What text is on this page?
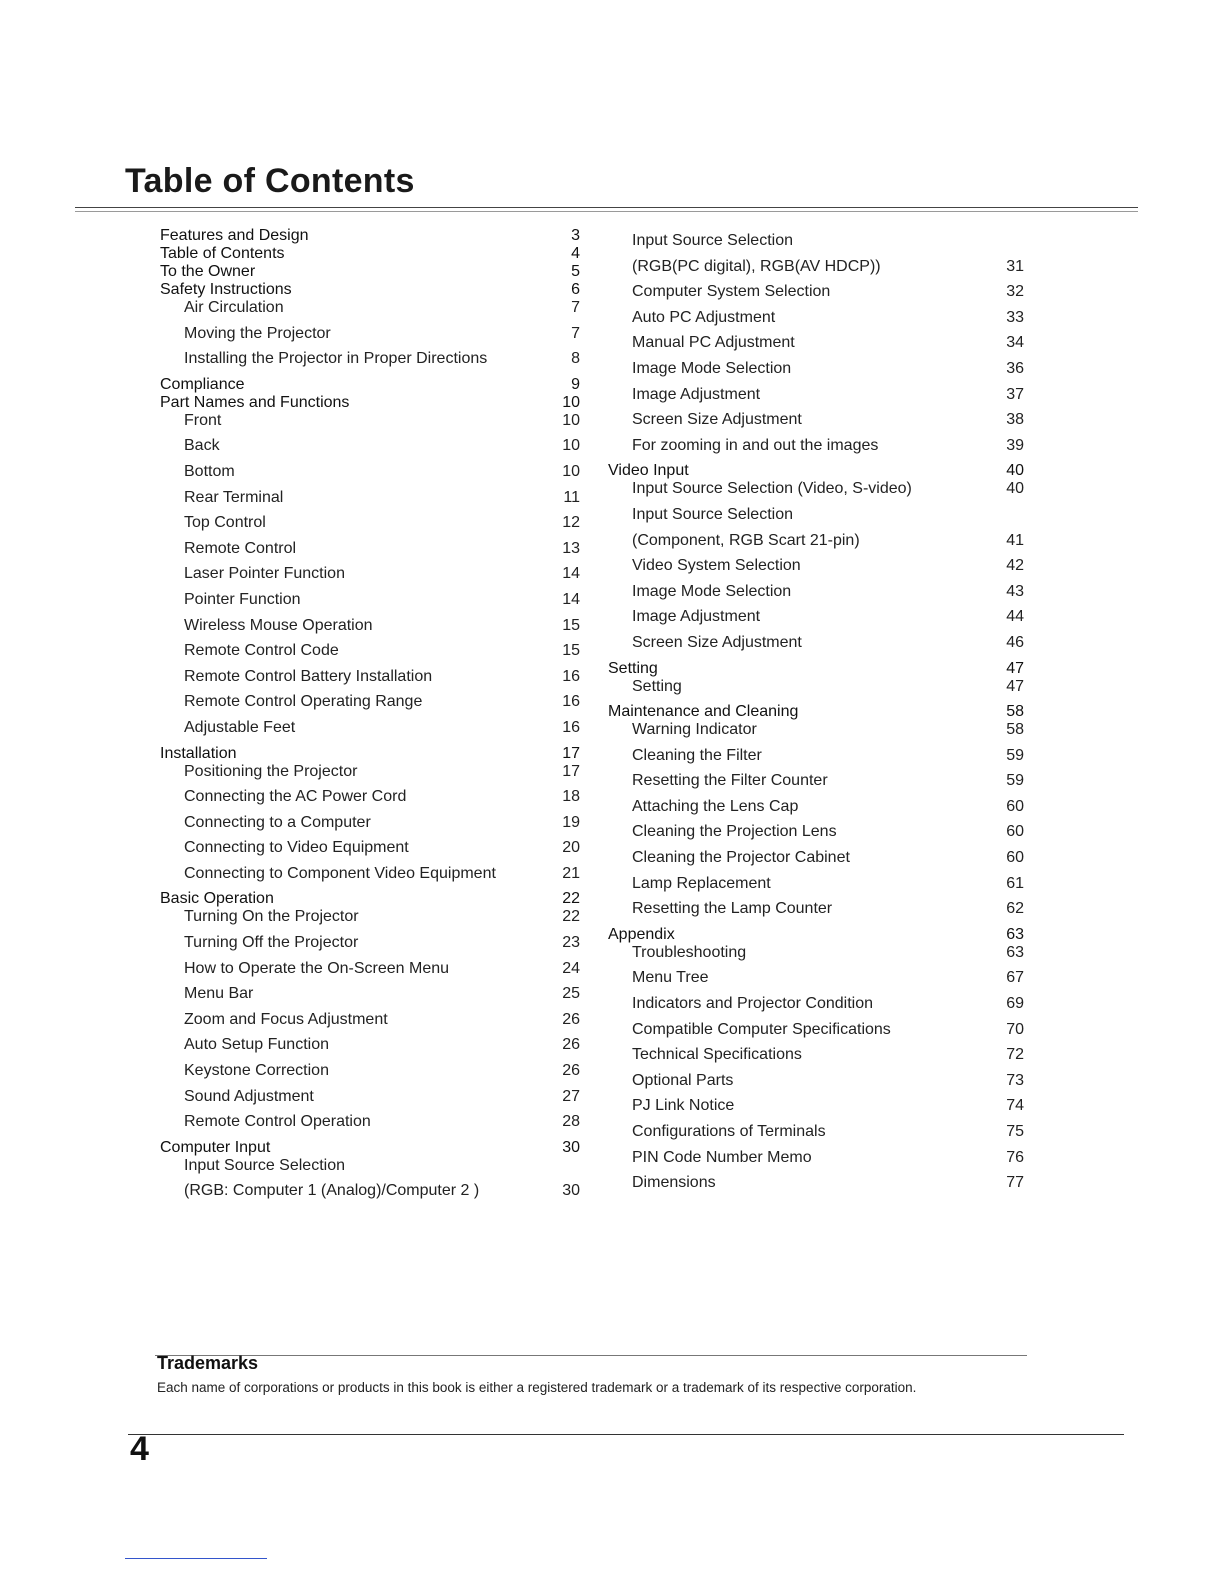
Table of Contents
Features and Design	3
Table of Contents	4
To the Owner	5
Safety Instructions	6
Air Circulation	7
Moving the Projector	7
Installing the Projector in Proper Directions	8
Compliance	9
Part Names and Functions	10
Front	10
Back	10
Bottom	10
Rear Terminal	11
Top Control	12
Remote Control	13
Laser Pointer Function	14
Pointer Function	14
Wireless Mouse Operation	15
Remote Control Code	15
Remote Control Battery Installation	16
Remote Control Operating Range	16
Adjustable Feet	16
Installation	17
Positioning the Projector	17
Connecting the AC Power Cord	18
Connecting to a Computer	19
Connecting to Video Equipment	20
Connecting to Component Video Equipment	21
Basic Operation	22
Turning On the Projector	22
Turning Off the Projector	23
How to Operate the On-Screen Menu	24
Menu Bar	25
Zoom and Focus Adjustment	26
Auto Setup Function	26
Keystone Correction	26
Sound Adjustment	27
Remote Control Operation	28
Computer Input	30
Input Source Selection
(RGB: Computer 1 (Analog)/Computer 2 )	30
Input Source Selection
(RGB(PC digital), RGB(AV HDCP))	31
Computer System Selection	32
Auto PC Adjustment	33
Manual PC Adjustment	34
Image Mode Selection	36
Image Adjustment	37
Screen Size Adjustment	38
For zooming in and out the images	39
Video Input	40
Input Source Selection (Video, S-video)	40
Input Source Selection
(Component, RGB Scart 21-pin)	41
Video System Selection	42
Image Mode Selection	43
Image Adjustment	44
Screen Size Adjustment	46
Setting	47
Setting	47
Maintenance and Cleaning	58
Warning Indicator	58
Cleaning the Filter	59
Resetting the Filter Counter	59
Attaching the Lens Cap	60
Cleaning the Projection Lens	60
Cleaning the Projector Cabinet	60
Lamp Replacement	61
Resetting the Lamp Counter	62
Appendix	63
Troubleshooting	63
Menu Tree	67
Indicators and Projector Condition	69
Compatible Computer Specifications	70
Technical Specifications	72
Optional Parts	73
PJ Link Notice	74
Configurations of Terminals	75
PIN Code Number Memo	76
Dimensions	77
Trademarks
Each name of corporations or products in this book is either a registered trademark or a trademark of its respective corporation.
4
